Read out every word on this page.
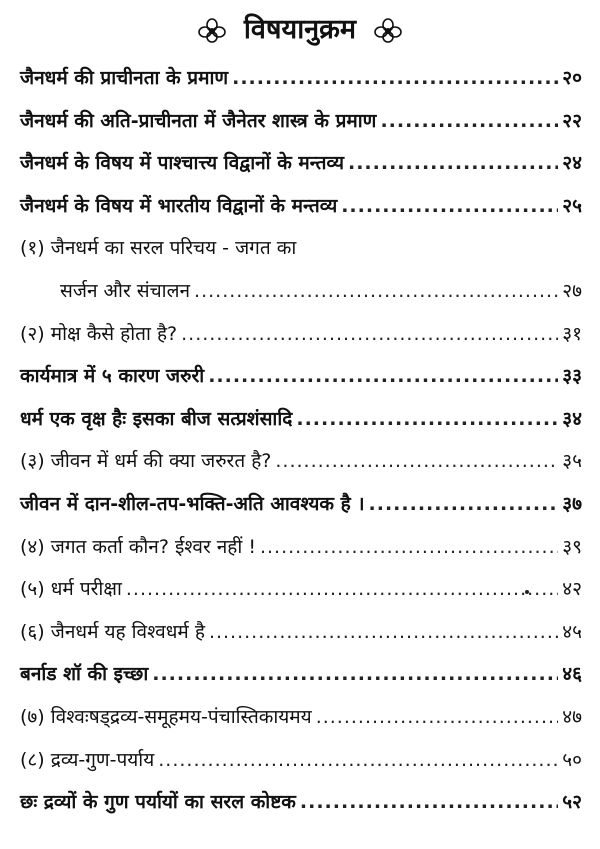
विषयानुक्रम
जैनधर्म की प्राचीनता के प्रमाण .....	२०
जैनधर्म की अति-प्राचीनता में जैनेतर शास्त्र के प्रमाण .....	२२
जैनधर्म के विषय में पाश्चात्त्य विद्वानों के मन्तव्य .....	२४
जैनधर्म के विषय में भारतीय विद्वानों के मन्तव्य .....	२५
(१) जैनधर्म का सरल परिचय - जगत का
सर्जन और संचालन .....	२७
(२) मोक्ष कैसे होता है? .....	३१
कार्यमात्र में ५ कारण जरुरी .....	३३
धर्म एक वृक्ष हैः इसका बीज सत्प्रशंसादि .....	३४
(३) जीवन में धर्म की क्या जरुरत है? .....	३५
जीवन में दान-शील-तप-भक्ति-अति आवश्यक है । .....	३७
(४) जगत कर्ता कौन? ईश्वर नहीं ! .....	३९
(५) धर्म परीक्षा .....	४२
(६) जैनधर्म यह विश्वधर्म है .....	४५
बर्नाड शॉ की इच्छा .....	४६
(७) विश्वःषड्द्रव्य-समूहमय-पंचास्तिकायमय .....	४७
(८) द्रव्य-गुण-पर्याय .....	५०
छः द्रव्यों के गुण पर्यायों का सरल कोष्टक .....	५२
